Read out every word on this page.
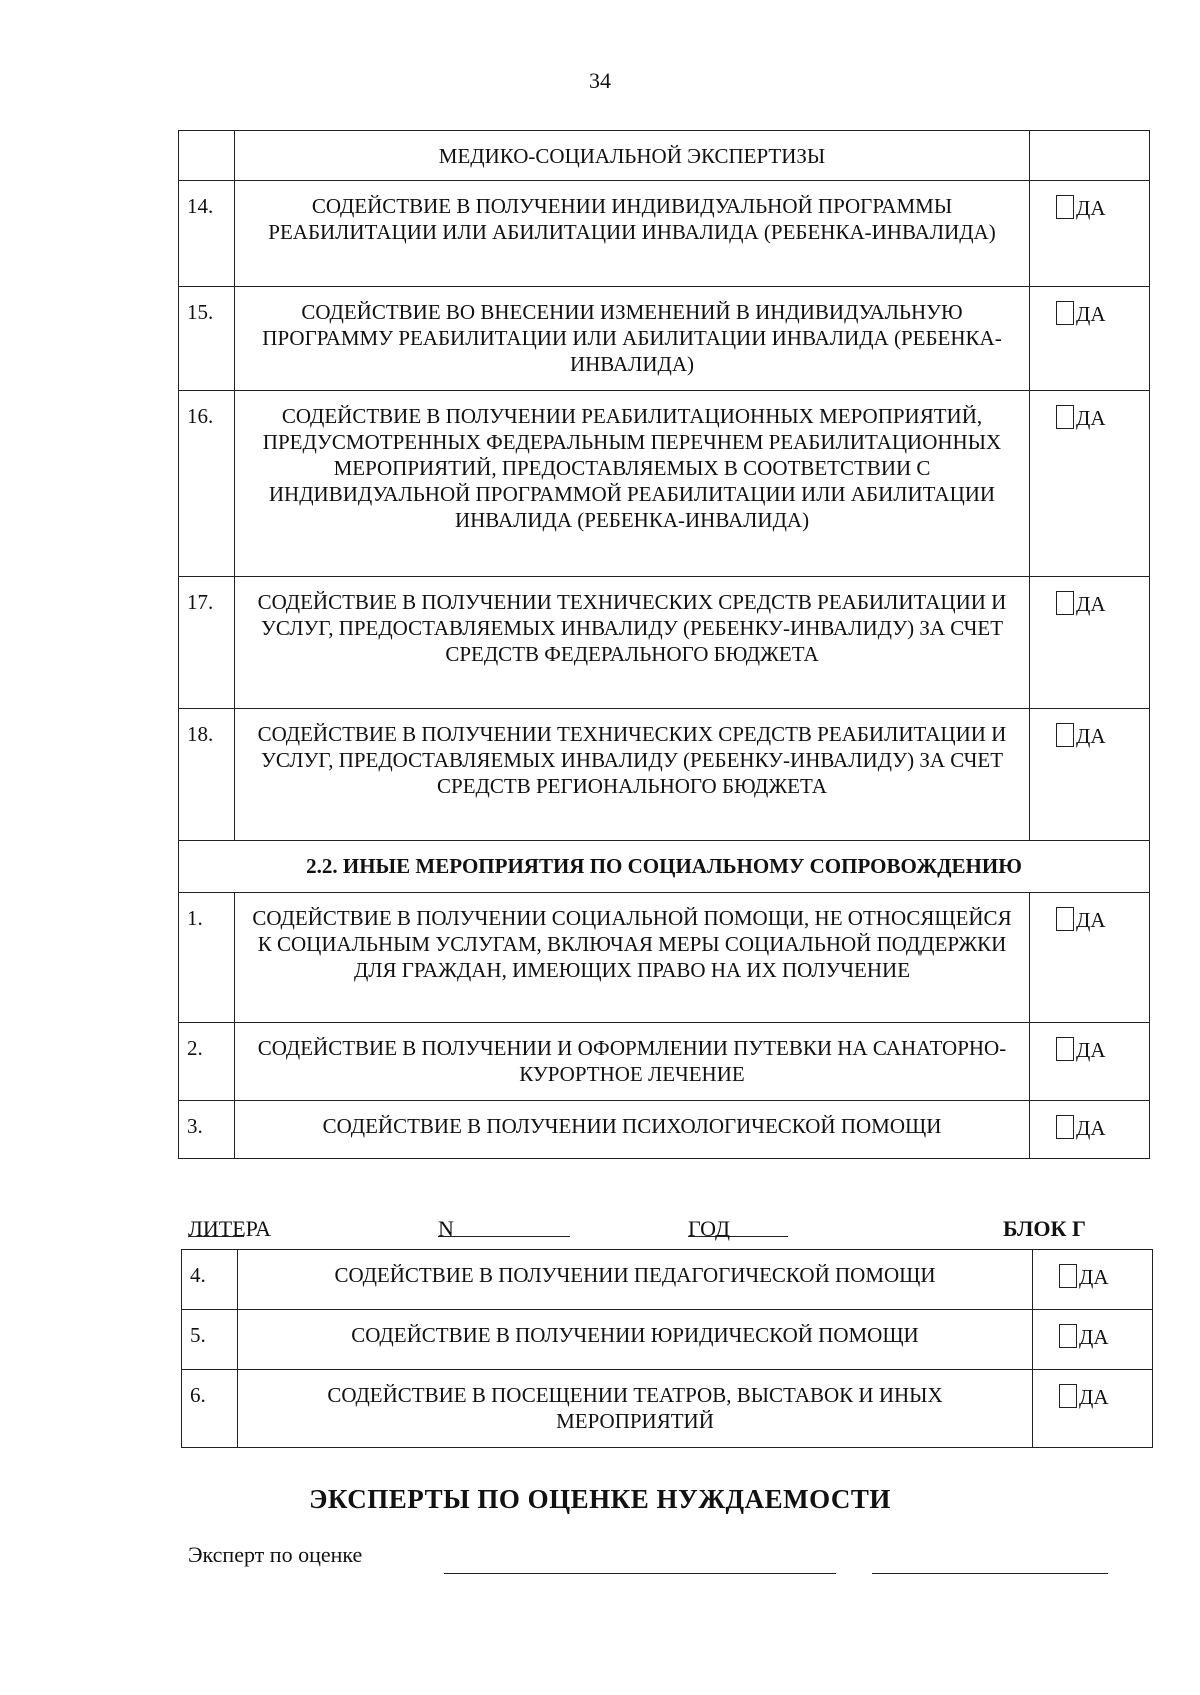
34
	МЕДИКО-СОЦИАЛЬНОЙ ЭКСПЕРТИЗЫ	
14.	СОДЕЙСТВИЕ В ПОЛУЧЕНИИ ИНДИВИДУАЛЬНОЙ ПРОГРАММЫ РЕАБИЛИТАЦИИ ИЛИ АБИЛИТАЦИИ ИНВАЛИДА (РЕБЕНКА-ИНВАЛИДА)	ДА

15.	СОДЕЙСТВИЕ ВО ВНЕСЕНИИ ИЗМЕНЕНИЙ В ИНДИВИДУАЛЬНУЮ ПРОГРАММУ РЕАБИЛИТАЦИИ ИЛИ АБИЛИТАЦИИ ИНВАЛИДА (РЕБЕНКА-ИНВАЛИДА)	ДА

16.	СОДЕЙСТВИЕ В ПОЛУЧЕНИИ РЕАБИЛИТАЦИОННЫХ МЕРОПРИЯТИЙ, ПРЕДУСМОТРЕННЫХ ФЕДЕРАЛЬНЫМ ПЕРЕЧНЕМ РЕАБИЛИТАЦИОННЫХ МЕРОПРИЯТИЙ, ПРЕДОСТАВЛЯЕМЫХ В СООТВЕТСТВИИ С ИНДИВИДУАЛЬНОЙ ПРОГРАММОЙ РЕАБИЛИТАЦИИ ИЛИ АБИЛИТАЦИИ ИНВАЛИДА (РЕБЕНКА-ИНВАЛИДА)	ДА

17.	СОДЕЙСТВИЕ В ПОЛУЧЕНИИ ТЕХНИЧЕСКИХ СРЕДСТВ РЕАБИЛИТАЦИИ И УСЛУГ, ПРЕДОСТАВЛЯЕМЫХ ИНВАЛИДУ (РЕБЕНКУ-ИНВАЛИДУ) ЗА СЧЕТ СРЕДСТВ ФЕДЕРАЛЬНОГО БЮДЖЕТА	ДА

18.	СОДЕЙСТВИЕ В ПОЛУЧЕНИИ ТЕХНИЧЕСКИХ СРЕДСТВ РЕАБИЛИТАЦИИ И УСЛУГ, ПРЕДОСТАВЛЯЕМЫХ ИНВАЛИДУ (РЕБЕНКУ-ИНВАЛИДУ) ЗА СЧЕТ СРЕДСТВ РЕГИОНАЛЬНОГО БЮДЖЕТА	ДА

2.2. ИНЫЕ МЕРОПРИЯТИЯ ПО СОЦИАЛЬНОМУ СОПРОВОЖДЕНИЮ		
1.	СОДЕЙСТВИЕ В ПОЛУЧЕНИИ СОЦИАЛЬНОЙ ПОМОЩИ, НЕ ОТНОСЯЩЕЙСЯ К СОЦИАЛЬНЫМ УСЛУГАМ, ВКЛЮЧАЯ МЕРЫ СОЦИАЛЬНОЙ ПОДДЕРЖКИ ДЛЯ ГРАЖДАН, ИМЕЮЩИХ ПРАВО НА ИХ ПОЛУЧЕНИЕ	ДА

2.	СОДЕЙСТВИЕ В ПОЛУЧЕНИИ И ОФОРМЛЕНИИ ПУТЕВКИ НА САНАТОРНО-КУРОРТНОЕ ЛЕЧЕНИЕ	ДА

3.	СОДЕЙСТВИЕ В ПОЛУЧЕНИИ ПСИХОЛОГИЧЕСКОЙ ПОМОЩИ	ДА
ЛИТЕРА	N	ГОД	БЛОК Г
4.	СОДЕЙСТВИЕ В ПОЛУЧЕНИИ ПЕДАГОГИЧЕСКОЙ ПОМОЩИ	ДА

5.	СОДЕЙСТВИЕ В ПОЛУЧЕНИИ ЮРИДИЧЕСКОЙ ПОМОЩИ	ДА

6.	СОДЕЙСТВИЕ В ПОСЕЩЕНИИ ТЕАТРОВ, ВЫСТАВОК И ИНЫХ МЕРОПРИЯТИЙ	ДА
ЭКСПЕРТЫ ПО ОЦЕНКЕ НУЖДАЕМОСТИ
Эксперт по оценке
